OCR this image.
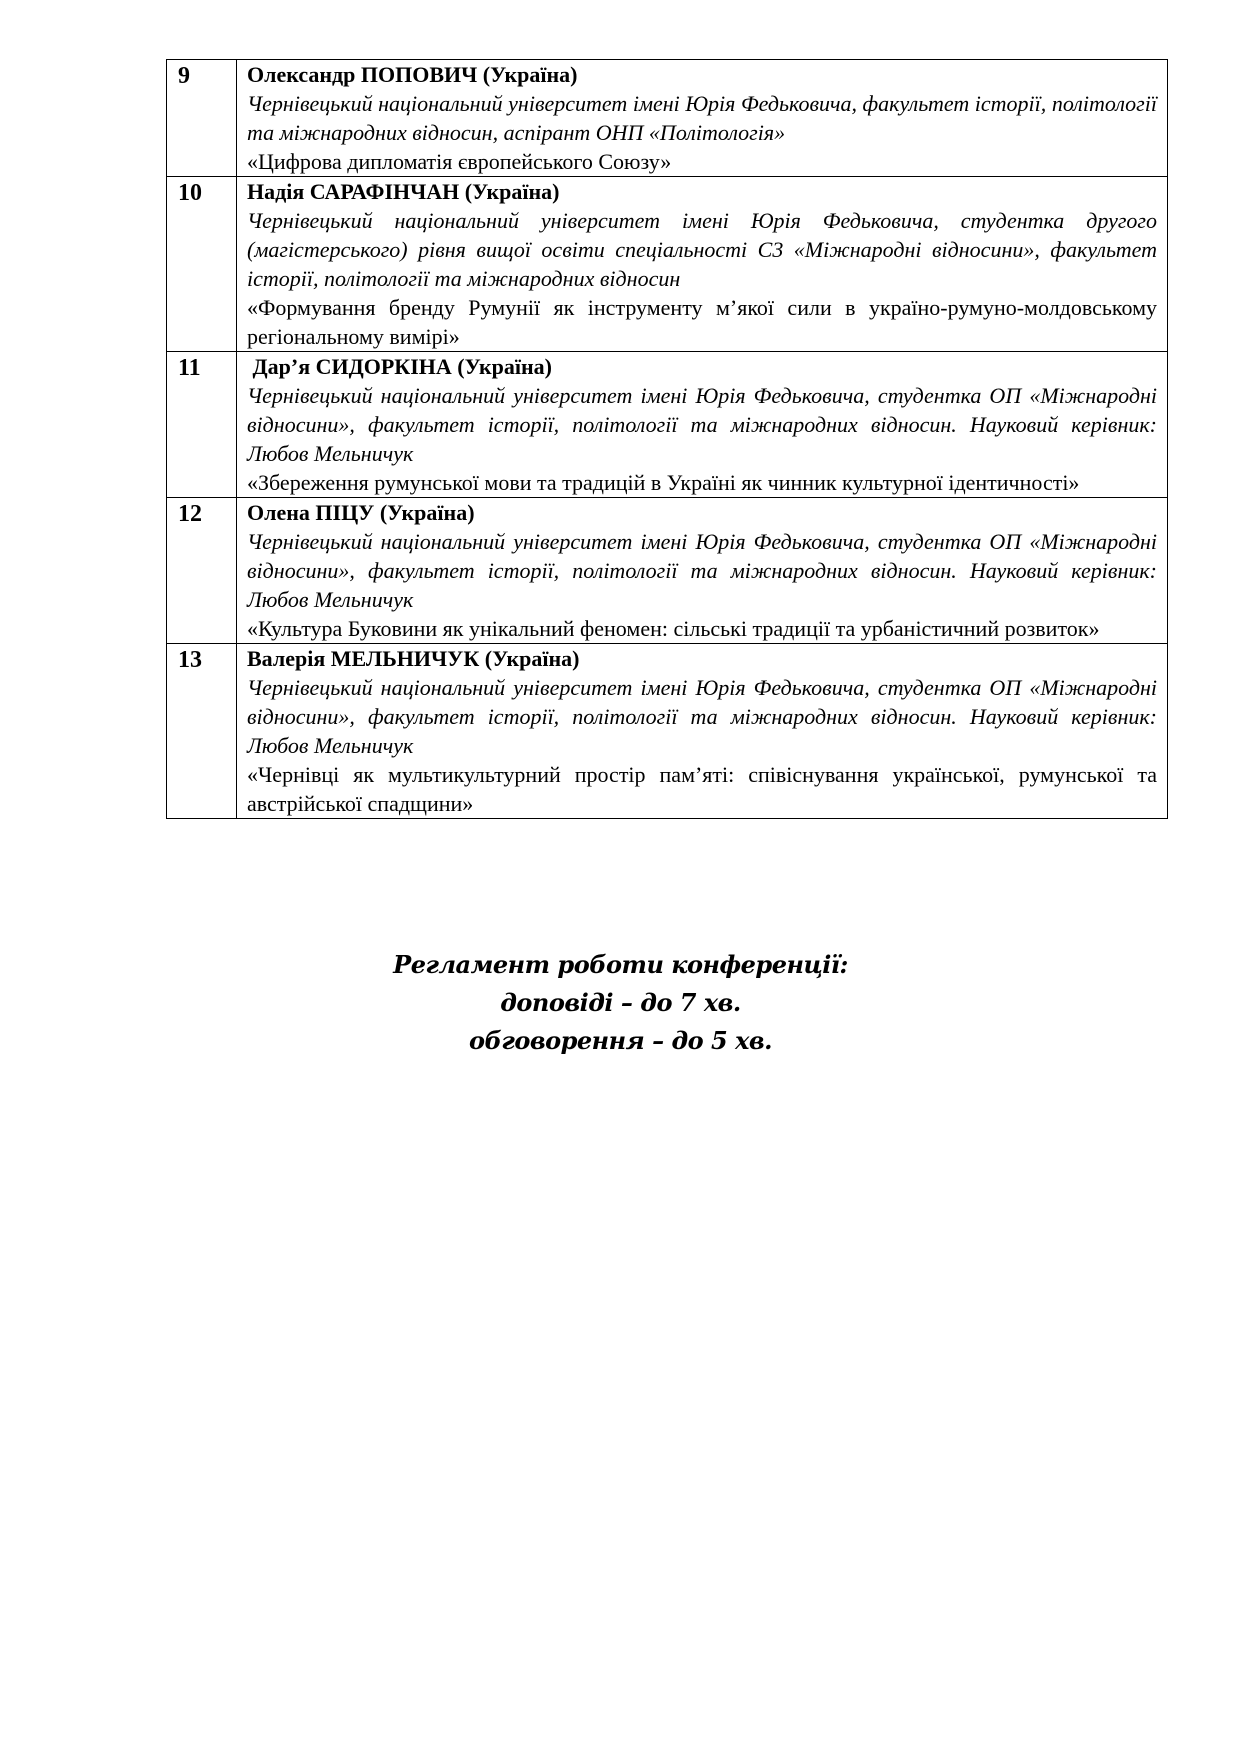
9	Олександр ПОПОВИЧ (Україна)
Чернівецький національний університет імені Юрія Федьковича, факультет історії, політології та міжнародних відносин, аспірант ОНП «Політологія»
«Цифрова дипломатія європейського Союзу»

10	Надія САРАФІНЧАН (Україна)
Чернівецький національний університет імені Юрія Федьковича, студентка другого (магістерського) рівня вищої освіти спеціальності С3 «Міжнародні відносини», факультет історії, політології та міжнародних відносин
«Формування бренду Румунії як інструменту м’якої сили в україно-румуно-молдовському регіональному вимірі»

11	Дар’я СИДОРКІНА (Україна)
Чернівецький національний університет імені Юрія Федьковича, студентка ОП «Міжнародні відносини», факультет історії, політології та міжнародних відносин. Науковий керівник: Любов Мельничук
«Збереження румунської мови та традицій в Україні як чинник культурної ідентичності»

12	Олена ПІЦУ (Україна)
Чернівецький національний університет імені Юрія Федьковича, студентка ОП «Міжнародні відносини», факультет історії, політології та міжнародних відносин. Науковий керівник: Любов Мельничук
«Культура Буковини як унікальний феномен: сільські традиції та урбаністичний розвиток»

13	Валерія МЕЛЬНИЧУК (Україна)
Чернівецький національний університет імені Юрія Федьковича, студентка ОП «Міжнародні відносини», факультет історії, політології та міжнародних відносин. Науковий керівник: Любов Мельничук
«Чернівці як мультикультурний простір пам’яті: співіснування української, румунської та австрійської спадщини»
Регламент роботи конференції:
доповіді – до 7 хв.
обговорення – до 5 хв.
